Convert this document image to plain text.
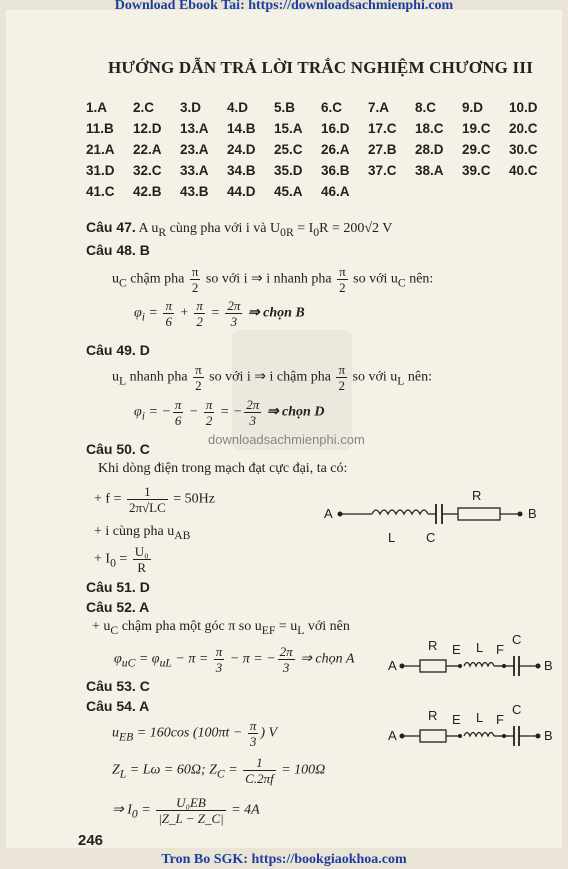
Download Ebook Tai: https://downloadsachmienphi.com
downloadsachmienphi.com
HƯỚNG DẪN TRẢ LỜI TRẮC NGHIỆM CHƯƠNG III
1.A	2.C	3.D	4.D	5.B	6.C	7.A	8.C	9.D	10.D
11.B	12.D	13.A	14.B	15.A	16.D	17.C	18.C	19.C	20.C
21.A	22.A	23.A	24.D	25.C	26.A	27.B	28.D	29.C	30.C
31.D	32.C	33.A	34.B	35.D	36.B	37.C	38.A	39.C	40.C
41.C	42.B	43.B	44.D	45.A	46.A
Câu 47. A $u_R$ cùng pha với i và $U_{0R} = I_0R = 200√2$ V
Câu 48. B
$u_C$ chậm pha $\frac{\pi}{2}$ so với i ⇒ i nhanh pha $\frac{\pi}{2}$ so với $u_C$ nên:
$\varphi_i = \frac{\pi}{6} + \frac{\pi}{2} = \frac{2\pi}{3}$ ⇒ chọn B
Câu 49. D
$u_L$ nhanh pha $\frac{\pi}{2}$ so với i ⇒ i chậm pha $\frac{\pi}{2}$ so với $u_L$ nên:
$\varphi_i$ = − $\frac{\pi}{6} - \frac{\pi}{2}$ = − $\frac{2\pi}{3}$ ⇒ chọn D
Câu 50. C
Khi dòng điện trong mạch đạt cực đại, ta có:
+ $f = \frac{1}{2\pi√LC} = 50Hz$
+ i cùng pha $u_{AB}$
+ $I_0 = \frac{\text{U₀}}{R}$
A	B
L C
R
Câu 51. D
Câu 52. A
+ $u_C$ chậm pha một góc π so $u_{EF} = u_L$ với nên
$\varphi_{uC} = \varphi_{uL} - \pi = \frac{\pi}{3} - \pi$ = − $\frac{2\pi}{3}$ ⇒ chọn A	A	B
R E L F
C
Câu 53. C
Câu 54. A
$u_{EB} = 160\cos$ ($100\pi t - \frac{\pi}{3}$ ) V
$Z_L = L\omega = 60\Omega$; $Z_C = \frac{1}{C.2\pi f} = 100\Omega$
⇒ $I_0 = \frac{\text{U₀EB}}{|Z\_L - Z\_C|} = 4A$
A	B
R E L F
C
246
Tron Bo SGK: https://bookgiaokhoa.com
